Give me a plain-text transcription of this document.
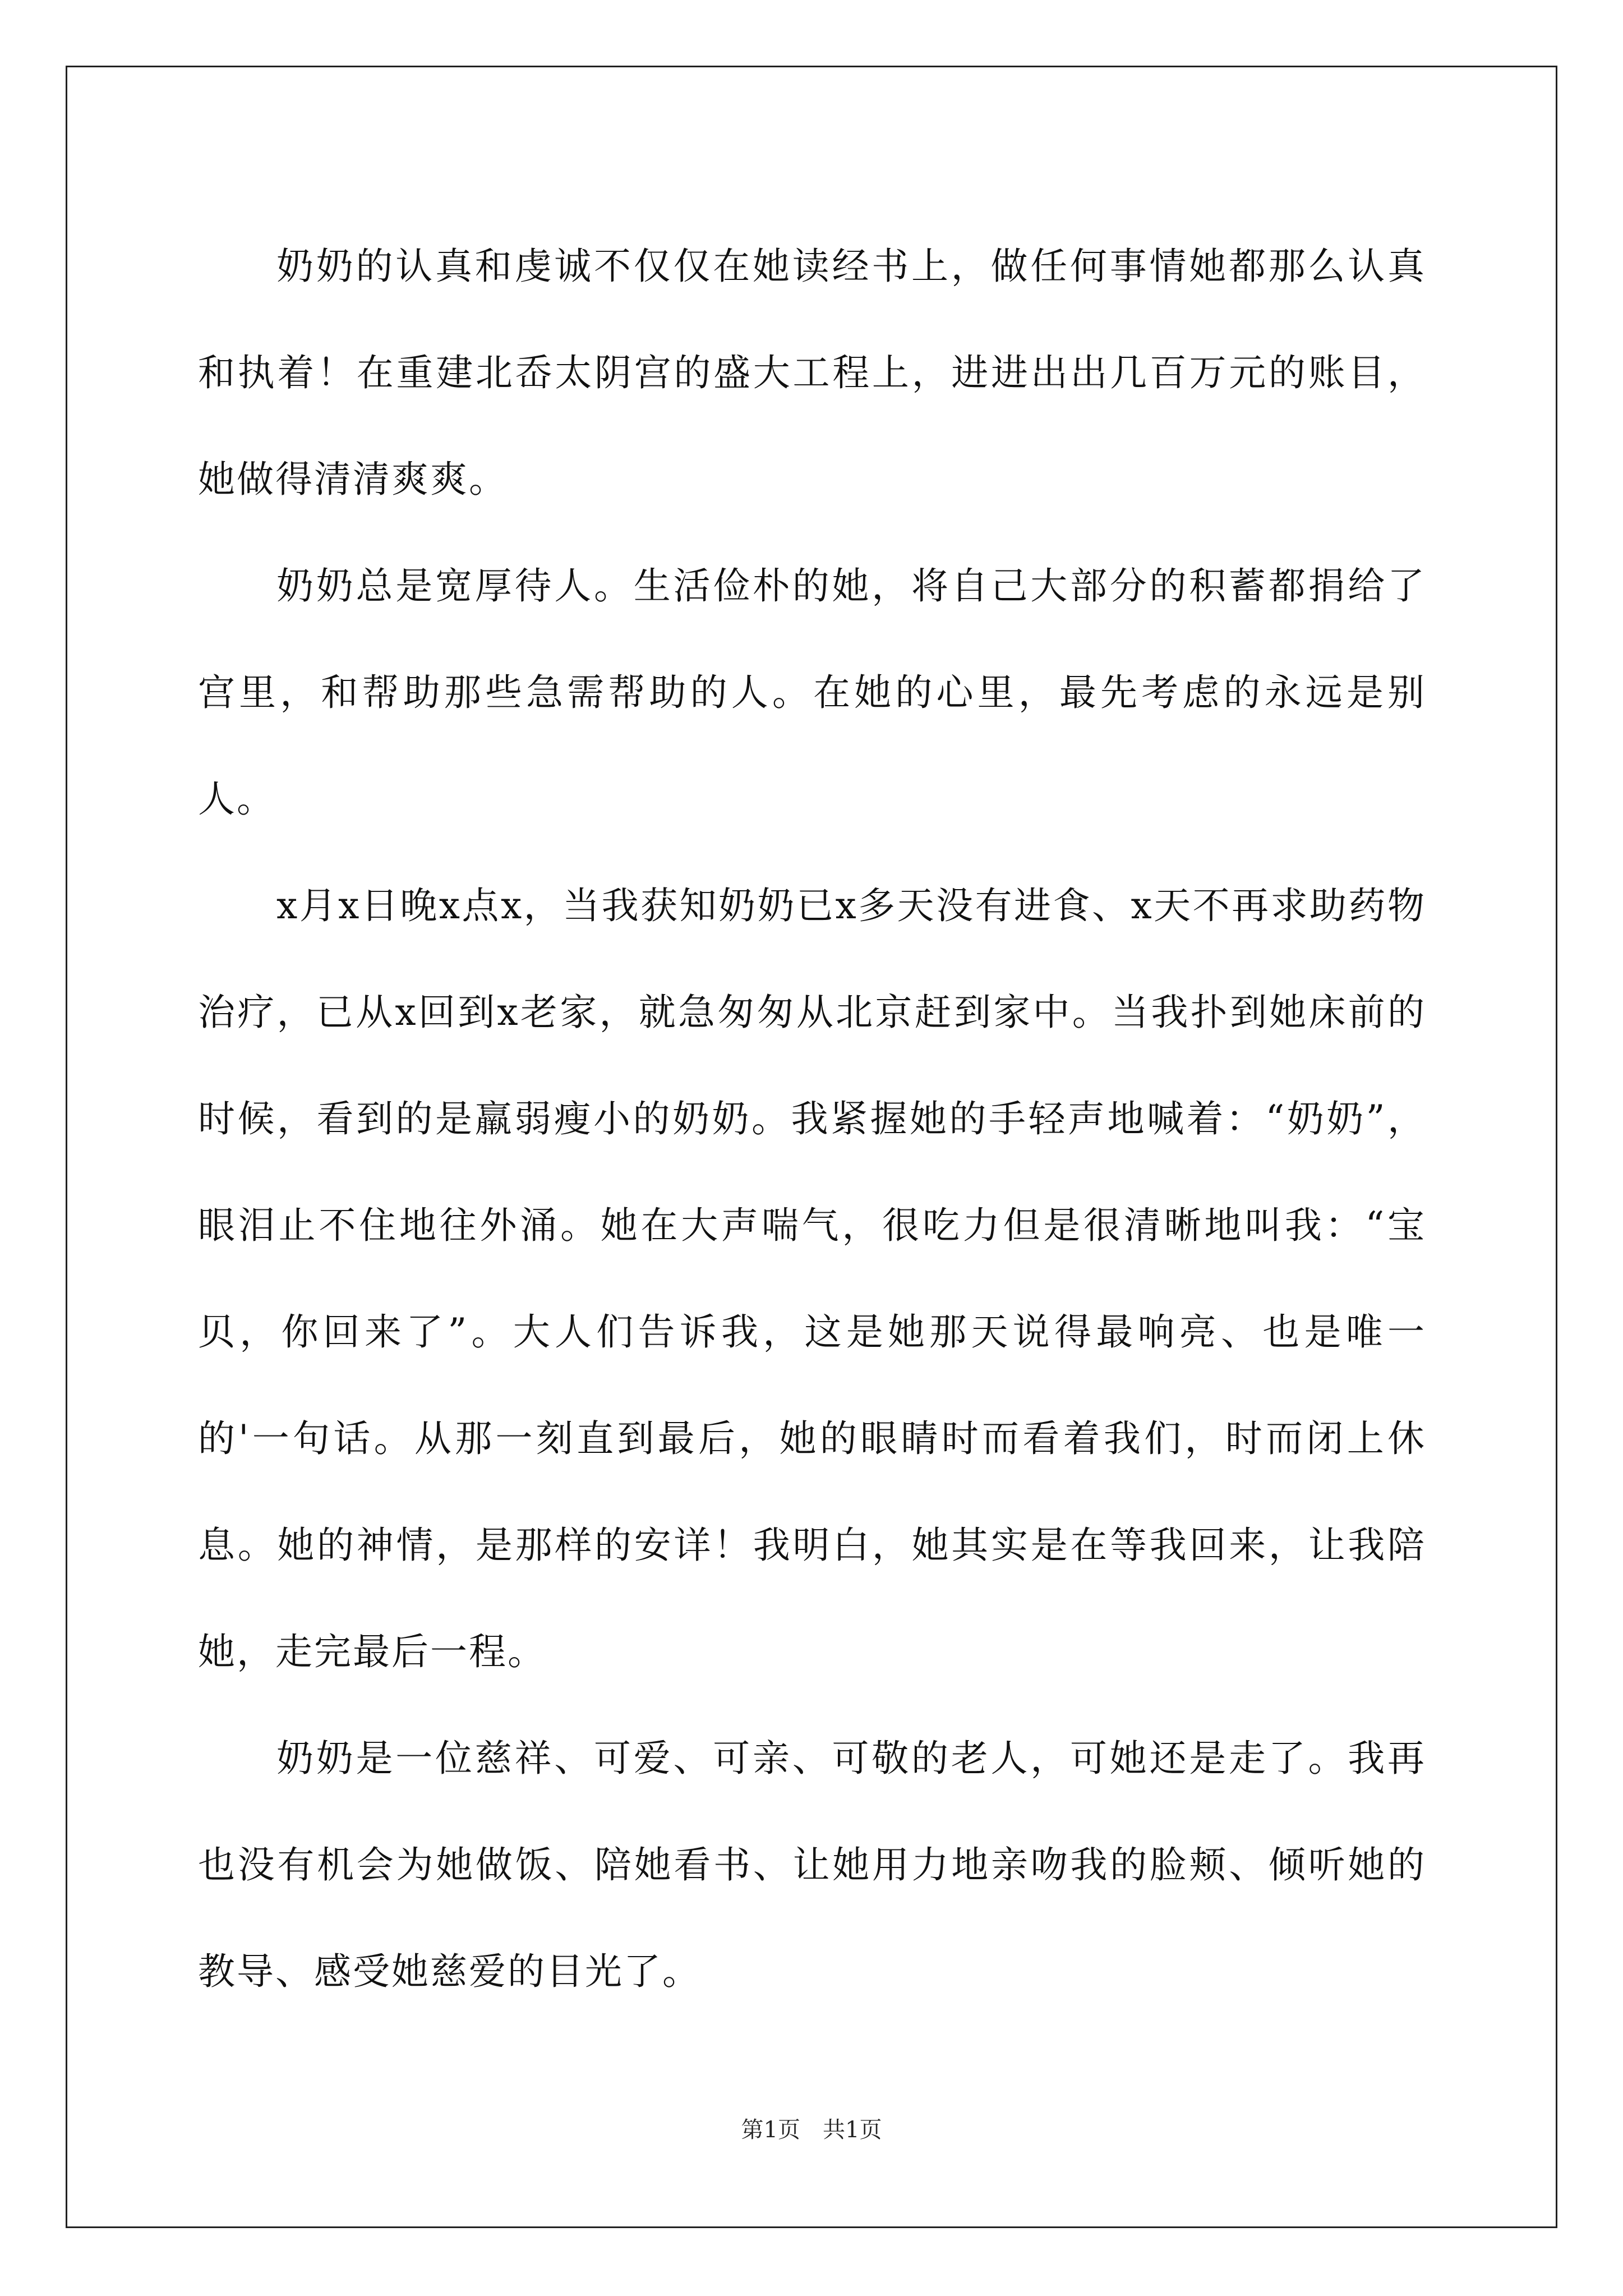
奶奶的认真和虔诚不仅仅在她读经书上，做任何事情她都那么认真和执着！在重建北岙太阴宫的盛大工程上，进进出出几百万元的账目，她做得清清爽爽。

奶奶总是宽厚待人。生活俭朴的她，将自己大部分的积蓄都捐给了宫里，和帮助那些急需帮助的人。在她的心里，最先考虑的永远是别人。

x月x日晚x点x，当我获知奶奶已x多天没有进食、x天不再求助药物治疗，已从x回到x老家，就急匆匆从北京赶到家中。当我扑到她床前的时候，看到的是羸弱瘦小的奶奶。我紧握她的手轻声地喊着：“奶奶”，眼泪止不住地往外涌。她在大声喘气，很吃力但是很清晰地叫我：“宝贝，你回来了”。大人们告诉我，这是她那天说得最响亮、也是唯一的'一句话。从那一刻直到最后，她的眼睛时而看着我们，时而闭上休息。她的神情，是那样的安详！我明白，她其实是在等我回来，让我陪她，走完最后一程。

奶奶是一位慈祥、可爱、可亲、可敬的老人，可她还是走了。我再也没有机会为她做饭、陪她看书、让她用力地亲吻我的脸颊、倾听她的教导、感受她慈爱的目光了。

第1页　共1页
